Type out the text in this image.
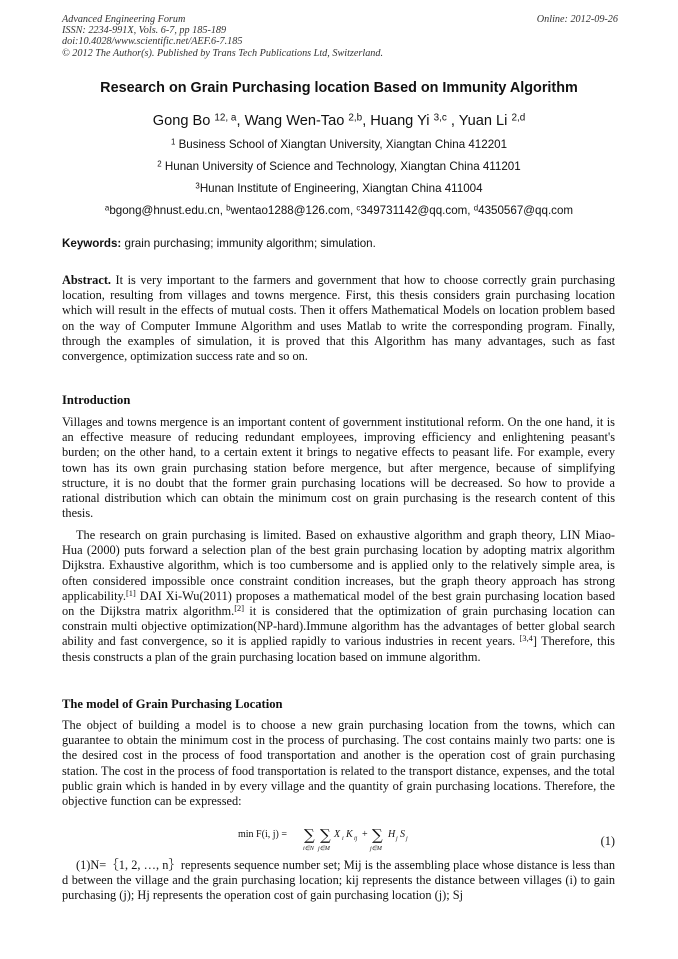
Advanced Engineering Forum
ISSN: 2234-991X, Vols. 6-7, pp 185-189
doi:10.4028/www.scientific.net/AEF.6-7.185
© 2012 The Author(s). Published by Trans Tech Publications Ltd, Switzerland.
Online: 2012-09-26
Research on Grain Purchasing location Based on Immunity Algorithm
Gong Bo $^{12, a}$, Wang Wen-Tao $^{2,b}$, Huang Yi $^{3,c}$ , Yuan Li $^{2,d}$
$^1$ Business School of Xiangtan University, Xiangtan China 412201
$^2$ Hunan University of Science and Technology, Xiangtan China 411201
$^3$Hunan Institute of Engineering, Xiangtan China 411004
$^a$bgong@hnust.edu.cn, $^b$wentao1288@126.com, $^c$349731142@qq.com, $^d$4350567@qq.com
Keywords: grain purchasing; immunity algorithm; simulation.
Abstract. It is very important to the farmers and government that how to choose correctly grain purchasing location, resulting from villages and towns mergence. First, this thesis considers grain purchasing location which will result in the effects of mutual costs. Then it offers Mathematical Models on location problem based on the way of Computer Immune Algorithm and uses Matlab to write the corresponding program. Finally, through the examples of simulation, it is proved that this Algorithm has many advantages, such as fast convergence, optimization success rate and so on.
Introduction
Villages and towns mergence is an important content of government institutional reform. On the one hand, it is an effective measure of reducing redundant employees, improving efficiency and enlightening peasant's burden; on the other hand, to a certain extent it brings to negative effects to peasant life. For example, every town has its own grain purchasing station before mergence, but after mergence, because of simplifying structure, it is no doubt that the former grain purchasing locations will be decreased. So how to provide a rational distribution which can obtain the minimum cost on grain purchasing is the research content of this thesis.
The research on grain purchasing is limited. Based on exhaustive algorithm and graph theory, LIN Miao-Hua (2000) puts forward a selection plan of the best grain purchasing location by adopting matrix algorithm Dijkstra. Exhaustive algorithm, which is too cumbersome and is applied only to the relatively simple area, is often considered impossible once constraint condition increases, but the graph theory approach has strong applicability.[1] DAI Xi-Wu(2011) proposes a mathematical model of the best grain purchasing location based on the Dijkstra matrix algorithm.[2] it is considered that the optimization of grain purchasing location can constrain multi objective optimization(NP-hard).Immune algorithm has the advantages of better global search ability and fast convergence, so it is applied rapidly to various industries in recent years. $^{[3,4}$] Therefore, this thesis constructs a plan of the grain purchasing location based on immune algorithm.
The model of Grain Purchasing Location
The object of building a model is to choose a new grain purchasing location from the towns, which can guarantee to obtain the minimum cost in the process of purchasing. The cost contains mainly two parts: one is the desired cost in the process of food transportation and another is the operation cost of grain purchasing station. The cost in the process of food transportation is related to the transport distance, expenses, and the total public grain which is handed in by every village and the quantity of grain purchasing locations. Therefore, the objective function can be expressed:
min F(i, j) = ∑
i∈N
∑
j∈M
X i K ij + ∑
j∈M
H j S j	(1)
(1)N=｛1, 2, …, n｝represents sequence number set; Mij is the assembling place whose distance is less than d between the village and the grain purchasing location; kij represents the distance between villages (i) to gain purchasing (j); Hj represents the operation cost of gain purchasing location (j); Sj
